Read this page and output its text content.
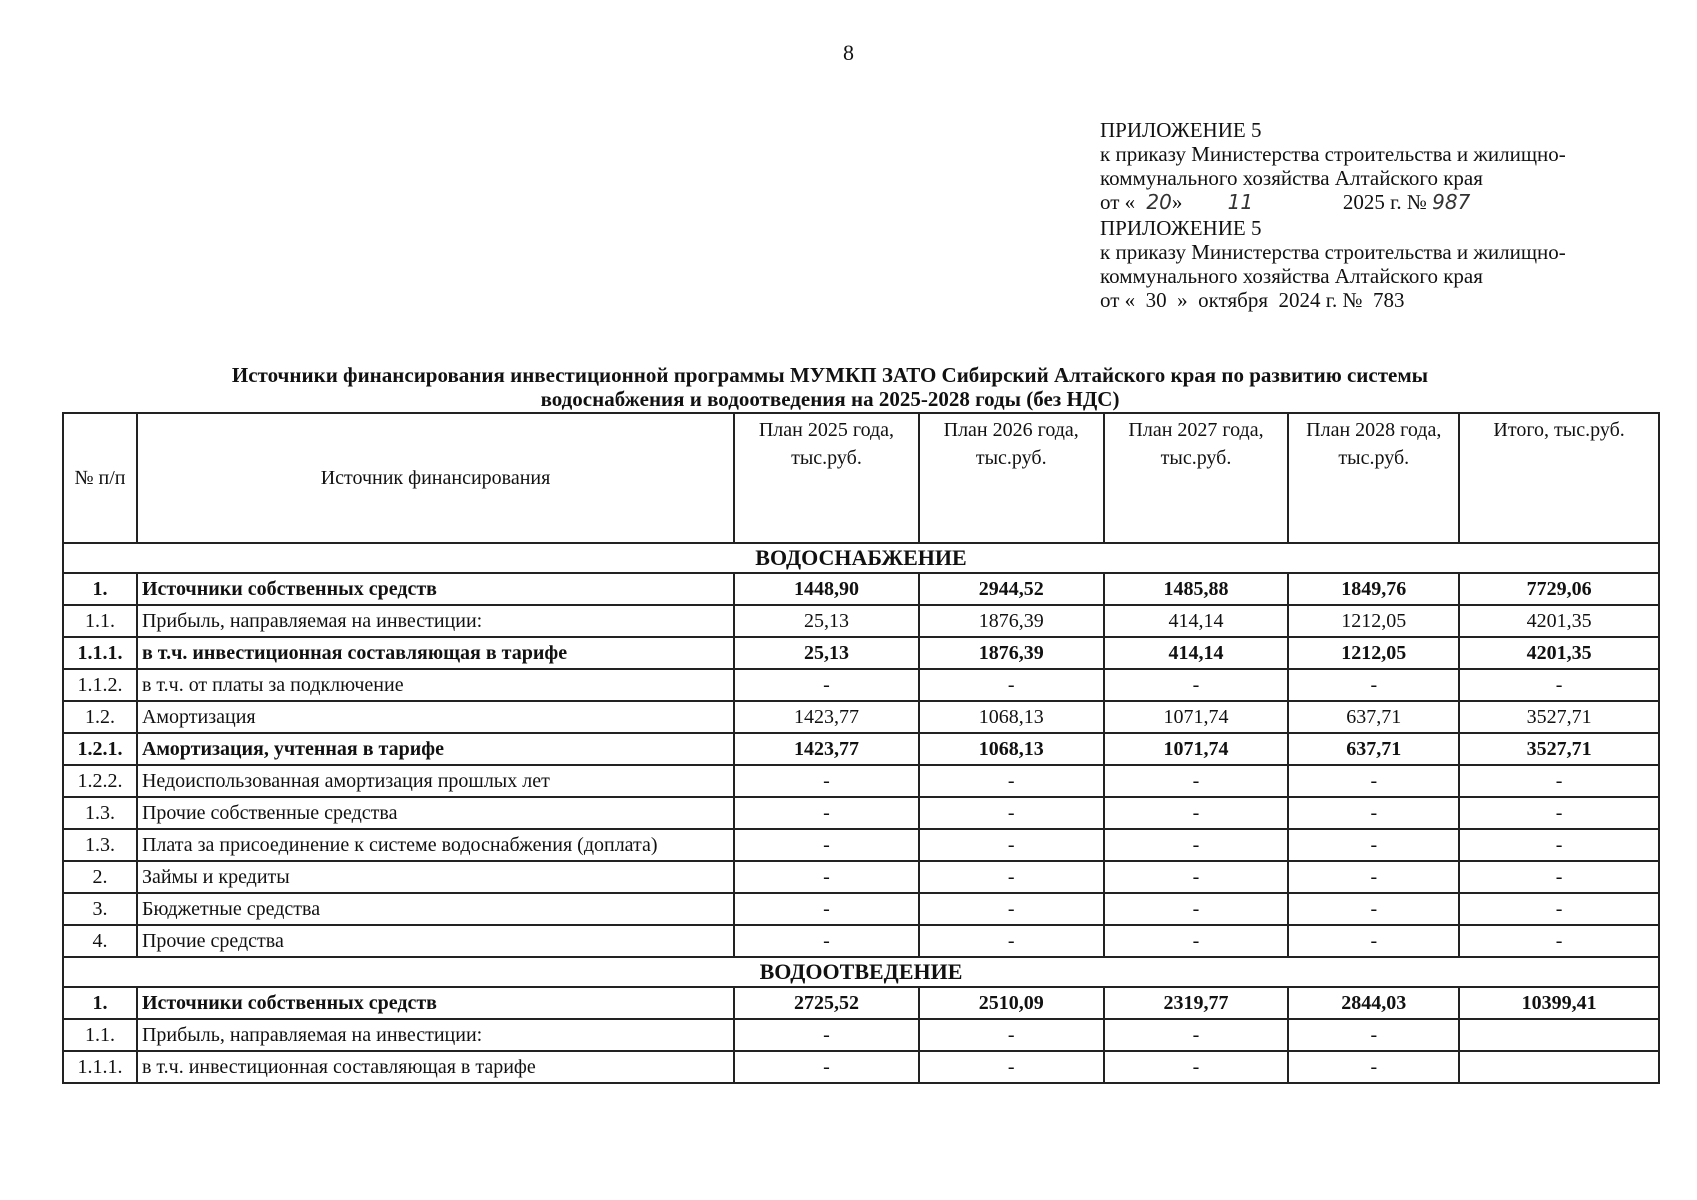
8
ПРИЛОЖЕНИЕ 5
к приказу Министерства строительства и жилищно-
коммунального хозяйства Алтайского края
от « 20» 11	2025 г. № 987
ПРИЛОЖЕНИЕ 5
к приказу Министерства строительства и жилищно-
коммунального хозяйства Алтайского края
от «  30  »  октября  2024 г. №  783
Источники финансирования инвестиционной программы МУМКП ЗАТО Сибирский Алтайского края по развитию системы
водоснабжения и водоотведения на 2025-2028 годы (без НДС)
№ п/п	Источник финансирования	План 2025 года, тыс.руб.	План 2026 года, тыс.руб.	План 2027 года, тыс.руб.	План 2028 года, тыс.руб.	Итого, тыс.руб.
ВОДОСНАБЖЕНИЕ						
1.	Источники собственных средств	1448,90	2944,52	1485,88	1849,76	7729,06
1.1.	Прибыль, направляемая на инвестиции:	25,13	1876,39	414,14	1212,05	4201,35
1.1.1.	в т.ч. инвестиционная составляющая в тарифе	25,13	1876,39	414,14	1212,05	4201,35
1.1.2.	в т.ч. от платы за подключение	-	-	-	-	-
1.2.	Амортизация	1423,77	1068,13	1071,74	637,71	3527,71
1.2.1.	Амортизация, учтенная в тарифе	1423,77	1068,13	1071,74	637,71	3527,71
1.2.2.	Недоиспользованная амортизация прошлых лет	-	-	-	-	-
1.3.	Прочие собственные средства	-	-	-	-	-
1.3.	Плата за присоединение к системе водоснабжения (доплата)	-	-	-	-	-
2.	Займы и кредиты	-	-	-	-	-
3.	Бюджетные средства	-	-	-	-	-
4.	Прочие средства	-	-	-	-	-
ВОДООТВЕДЕНИЕ						
1.	Источники собственных средств	2725,52	2510,09	2319,77	2844,03	10399,41
1.1.	Прибыль, направляемая на инвестиции:	-	-	-	-	
1.1.1.	в т.ч. инвестиционная составляющая в тарифе	-	-	-	-	
